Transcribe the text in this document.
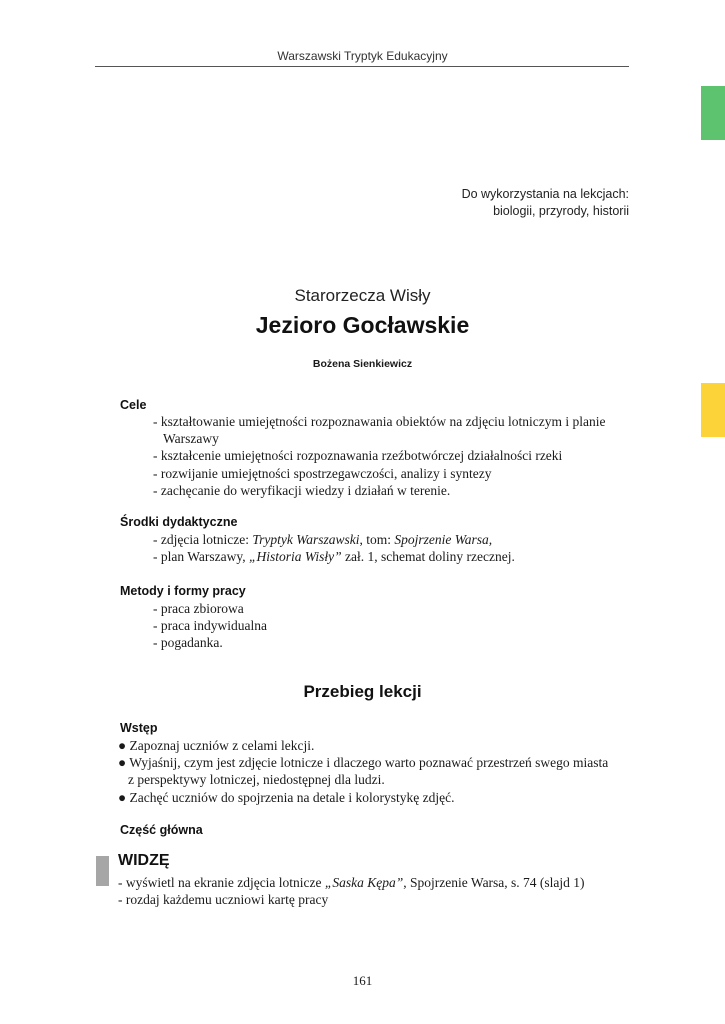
Warszawski Tryptyk Edukacyjny
Do wykorzystania na lekcjach:
biologii, przyrody, historii
Starorzecza Wisły
Jezioro Gocławskie
Bożena Sienkiewicz
Cele
- kształtowanie umiejętności rozpoznawania obiektów na zdjęciu lotniczym i planie
Warszawy
- kształcenie umiejętności rozpoznawania rzeźbotwórczej działalności rzeki
- rozwijanie umiejętności spostrzegawczości, analizy i syntezy
- zachęcanie do weryfikacji wiedzy i działań w terenie.
Środki dydaktyczne
- zdjęcia lotnicze: Tryptyk Warszawski, tom: Spojrzenie Warsa,
- plan Warszawy, „Historia Wisły” zał. 1, schemat doliny rzecznej.
Metody i formy pracy
- praca zbiorowa
- praca indywidualna
- pogadanka.
Przebieg lekcji
Wstęp
● Zapoznaj uczniów z celami lekcji.
● Wyjaśnij, czym jest zdjęcie lotnicze i dlaczego warto poznawać przestrzeń swego miasta
z perspektywy lotniczej, niedostępnej dla ludzi.
● Zachęć uczniów do spojrzenia na detale i kolorystykę zdjęć.
Część główna
WIDZĘ
- wyświetl na ekranie zdjęcia lotnicze „Saska Kępa”, Spojrzenie Warsa, s. 74 (slajd 1)
- rozdaj każdemu uczniowi kartę pracy
161
